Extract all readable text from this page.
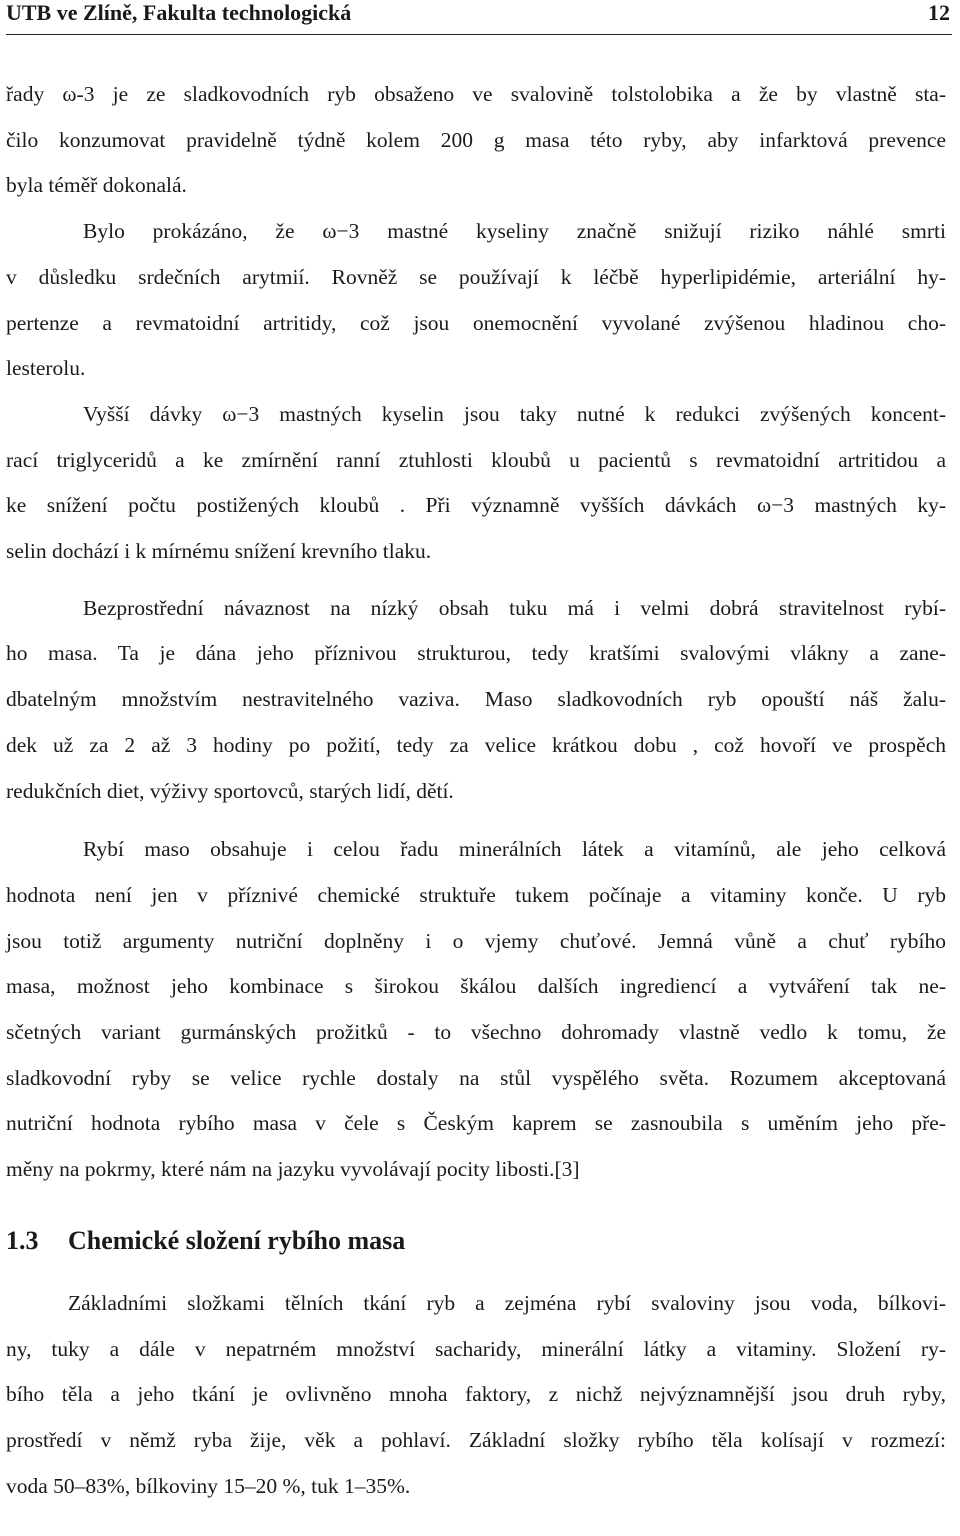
UTB ve Zlíně, Fakulta technologická	12

řady ω-3 je ze sladkovodních ryb obsaženo ve svalovině tolstolobika a že by vlastně sta-
čilo konzumovat pravidelně týdně kolem 200 g masa této ryby, aby infarktová prevence
byla téměř dokonalá.

Bylo prokázáno, že ω−3 mastné kyseliny značně snižují riziko náhlé smrti
v důsledku srdečních arytmií. Rovněž se používají k léčbě hyperlipidémie, arteriální hy-
pertenze a revmatoidní artritidy, což jsou onemocnění vyvolané zvýšenou hladinou cho-
lesterolu.

Vyšší dávky ω−3 mastných kyselin jsou taky nutné k redukci zvýšených koncent-
rací triglyceridů a ke zmírnění ranní ztuhlosti kloubů u pacientů s revmatoidní artritidou a
ke snížení počtu postižených kloubů . Při významně vyšších dávkách ω−3 mastných ky-
selin dochází i k mírnému snížení krevního tlaku.

Bezprostřední návaznost na nízký obsah tuku má i velmi dobrá stravitelnost rybí-
ho masa. Ta je dána jeho příznivou strukturou, tedy kratšími svalovými vlákny a zane-
dbatelným množstvím nestravitelného vaziva. Maso sladkovodních ryb opouští náš žalu-
dek už za 2 až 3 hodiny po požití, tedy za velice krátkou dobu , což hovoří ve prospěch
redukčních diet, výživy sportovců, starých lidí, dětí.

Rybí maso obsahuje i celou řadu minerálních látek a vitamínů, ale jeho celková
hodnota není jen v příznivé chemické struktuře tukem počínaje a vitaminy konče. U ryb
jsou totiž argumenty nutriční doplněny i o vjemy chuťové. Jemná vůně a chuť rybího
masa, možnost jeho kombinace s širokou škálou dalších ingrediencí a vytváření tak ne-
sčetných variant gurmánských prožitků - to všechno dohromady vlastně vedlo k tomu, že
sladkovodní ryby se velice rychle dostaly na stůl vyspělého světa. Rozumem akceptovaná
nutriční hodnota rybího masa v čele s Českým kaprem se zasnoubila s uměním jeho pře-
měny na pokrmy, které nám na jazyku vyvolávají pocity libosti.[3]

1.3 Chemické složení rybího masa

Základními složkami tělních tkání ryb a zejména rybí svaloviny jsou voda, bílkovi-
ny, tuky a dále v nepatrném množství sacharidy, minerální látky a vitaminy. Složení ry-
bího těla a jeho tkání je ovlivněno mnoha faktory, z nichž nejvýznamnější jsou druh ryby,
prostředí v němž ryba žije, věk a pohlaví. Základní složky rybího těla kolísají v rozmezí:
voda 50–83%, bílkoviny 15–20 %, tuk 1–35%.
